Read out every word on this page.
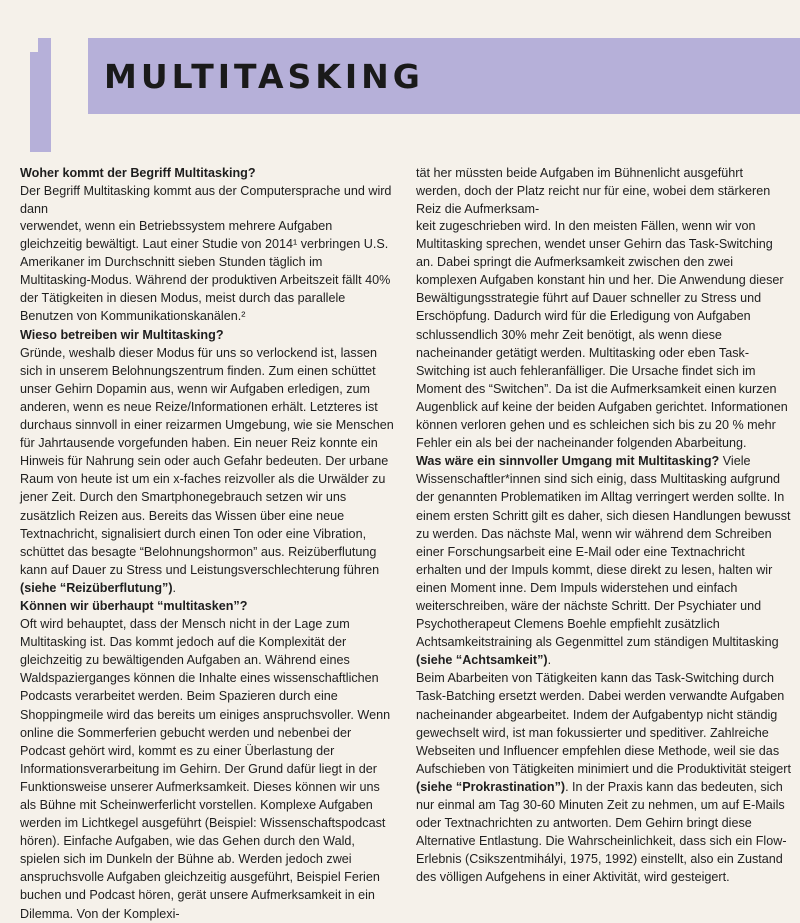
MULTITASKING
Woher kommt der Begriff Multitasking?

Der Begriff Multitasking kommt aus der Computersprache und wird dann

verwendet, wenn ein Betriebssystem mehrere Aufgaben gleichzeitig bewältigt. Laut einer Studie von 2014¹ verbringen U.S. Amerikaner im Durchschnitt sieben Stunden täglich im Multitasking-Modus. Während der produktiven Arbeitszeit fällt 40% der Tätigkeiten in diesen Modus, meist durch das parallele Benutzen von Kommunikationskanälen.²

Wieso betreiben wir Multitasking?

Gründe, weshalb dieser Modus für uns so verlockend ist, lassen sich in unserem Belohnungszentrum finden. Zum einen schüttet unser Gehirn Dopamin aus, wenn wir Aufgaben erledigen, zum anderen, wenn es neue Reize/Informationen erhält. Letzteres ist durchaus sinnvoll in einer reizarmen Umgebung, wie sie Menschen für Jahrtausende vorgefunden haben. Ein neuer Reiz konnte ein Hinweis für Nahrung sein oder auch Gefahr bedeuten. Der urbane Raum von heute ist um ein x-faches reizvoller als die Urwälder zu jener Zeit. Durch den Smartphonegebrauch setzen wir uns zusätzlich Reizen aus. Bereits das Wissen über eine neue Textnachricht, signalisiert durch einen Ton oder eine Vibration, schüttet das besagte “Belohnungshormon” aus. Reizüberflutung kann auf Dauer zu Stress und Leistungsverschlechterung führen (siehe “Reizüberflutung”).

Können wir überhaupt “multitasken”?

Oft wird behauptet, dass der Mensch nicht in der Lage zum Multitasking ist. Das kommt jedoch auf die Komplexität der gleichzeitig zu bewältigenden Aufgaben an. Während eines Waldspazierganges können die Inhalte eines wissenschaftlichen Podcasts verarbeitet werden. Beim Spazieren durch eine Shoppingmeile wird das bereits um einiges anspruchsvoller. Wenn online die Sommerferien gebucht werden und nebenbei der Podcast gehört wird, kommt es zu einer Überlastung der Informationsverarbeitung im Gehirn. Der Grund dafür liegt in der Funktionsweise unserer Aufmerksamkeit. Dieses können wir uns als Bühne mit Scheinwerferlicht vorstellen. Komplexe Aufgaben werden im Lichtkegel ausgeführt (Beispiel: Wissenschaftspodcast hören). Einfache Aufgaben, wie das Gehen durch den Wald, spielen sich im Dunkeln der Bühne ab. Werden jedoch zwei anspruchsvolle Aufgaben gleichzeitig ausgeführt, Beispiel Ferien buchen und Podcast hören, gerät unsere Aufmerksamkeit in ein Dilemma. Von der Komplexi-

tät her müssten beide Aufgaben im Bühnenlicht ausgeführt werden, doch der Platz reicht nur für eine, wobei dem stärkeren Reiz die Aufmerksam-

keit zugeschrieben wird. In den meisten Fällen, wenn wir von Multitasking sprechen, wendet unser Gehirn das Task-Switching an. Dabei springt die Aufmerksamkeit zwischen den zwei komplexen Aufgaben konstant hin und her. Die Anwendung dieser Bewältigungsstrategie führt auf Dauer schneller zu Stress und Erschöpfung. Dadurch wird für die Erledigung von Aufgaben schlussendlich 30% mehr Zeit benötigt, als wenn diese nacheinander getätigt werden. Multitasking oder eben Task-Switching ist auch fehleranfälliger. Die Ursache findet sich im Moment des “Switchen”. Da ist die Aufmerksamkeit einen kurzen Augenblick auf keine der beiden Aufgaben gerichtet. Informationen können verloren gehen und es schleichen sich bis zu 20 % mehr Fehler ein als bei der nacheinander folgenden Abarbeitung.

Was wäre ein sinnvoller Umgang mit Multitasking? Viele Wissenschaftler*innen sind sich einig, dass Multitasking aufgrund der genannten Problematiken im Alltag verringert werden sollte. In einem ersten Schritt gilt es daher, sich diesen Handlungen bewusst zu werden. Das nächste Mal, wenn wir während dem Schreiben einer Forschungsarbeit eine E-Mail oder eine Textnachricht erhalten und der Impuls kommt, diese direkt zu lesen, halten wir einen Moment inne. Dem Impuls widerstehen und einfach weiterschreiben, wäre der nächste Schritt. Der Psychiater und Psychotherapeut Clemens Boehle empfiehlt zusätzlich Achtsamkeitstraining als Gegenmittel zum ständigen Multitasking (siehe “Achtsamkeit”).

Beim Abarbeiten von Tätigkeiten kann das Task-Switching durch Task-Batching ersetzt werden. Dabei werden verwandte Aufgaben nacheinander abgearbeitet. Indem der Aufgabentyp nicht ständig gewechselt wird, ist man fokussierter und speditiver. Zahlreiche Webseiten und Influencer empfehlen diese Methode, weil sie das Aufschieben von Tätigkeiten minimiert und die Produktivität steigert (siehe “Prokrastination”). In der Praxis kann das bedeuten, sich nur einmal am Tag 30-60 Minuten Zeit zu nehmen, um auf E-Mails oder Textnachrichten zu antworten. Dem Gehirn bringt diese Alternative Entlastung. Die Wahrscheinlichkeit, dass sich ein Flow-Erlebnis (Csikszentmihályi, 1975, 1992) einstellt, also ein Zustand des völligen Aufgehens in einer Aktivität, wird gesteigert.
